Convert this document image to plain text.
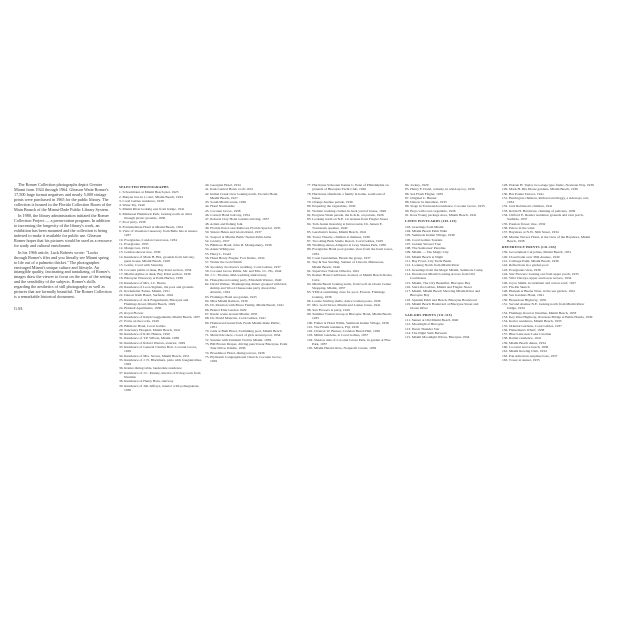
The Romer Collection photographs depict Greater Miami from 1924 through 1964. Gleason Waite Romer's 17,500 large format negatives and nearly 5,000 vintage prints were purchased in 1965 for the public library. The collection is housed in the Florida Collection Room of the Main Branch of the Miami-Dade Public Library System.

In 1980, the library administration initiated the Romer Collection Project — a preservation program. In addition to increasing the longevity of the library's work, an exhibition has been mounted and the collection is being indexed to make it available for public use. Gleason Romer hopes that his pictures would be used as a resource for study and cultural enrichment.

In his 1966 article, Luck Roberts wrote: "Looks through Romer's files and you literally see Miami spring to life out of a palmetto thicket." The photographer envisaged Miami's unique culture and lifestyle. An intangible quality, fascinating and tantalizing, of Romer's images draw the viewer to focus on the tone of the setting and the sensibility of the subjects. Romer's skills regarding the aesthetics of still photography as well as pictures that are formally beautiful. The Romer Collection is a remarkable historical document.

G.M.

SELECTED PHOTOGRAPHS
1. Schoolmates at Miami Beach pier, 1925
2. Banyan tree in a court, Miami Beach, 1934
3. Coral Gables residence, 1938
4. Water lily, 1940
5. Miami River looking east from bridge, 1941
6. Matheson Hammock Park, looking north on drive through picnic grounds, 1936
7. Pool party, 1938
8. Fontainebleau Hotel at Miami Beach, 1954
9. View of Venetian Causeway from Belle Isle at sunset, 1937
10. Everglades, Condon Canal area, 1934
11. Everglades, 1935
12. Mangroves, 1934
13. Golden shower tree, 1939
14. Residence of Mark H. Hix, grounds from balcony, guest house, Miami Beach, 1928
15. Golfer, Coral with Saturday
16. Coconut palms at dusk, Bay Point section, 1934
17. Miami skyline at dusk, Bay Point section, 1936
18. Biscayne Waterway at Palm Harbor, 1938
19. Residence of Mrs. J.C. Horne
20. Residence of Leon Sigman, tile pool and grounds
21. Rockefeller Estate, Miami, 1951
22. Dancer Ruth Hazel, Surfside, 1942
23. Residence of Jack Faigenbaum, Biscayne and Flamingo Road, Miami Beach, 1929
24. Brickell Apartments, 1936
25. Royal Flower
26. Residence of Ralph Guggenheim, Miami Beach, 1937
27. Ferns on the rocks, 1949
28. Biltmore Hotel, Coral Gables
29. Sanctuary Hospital, Miami Beach, 1941
30. Residence of R.M. Haines, 1950
31. Residence of T.P. Wilson, Miami, 1938
32. Residence of Robert Warren, exterior, 1929
33. Residence of General Charles Barr, Coconut Grove, 1929
34. Residence of Mrs. Stoves, Miami Beach, 1951
35. Residence of J. N. Blackburn, patio with bougainvillea, 1929
36. Romer dining table, lauderdale residence
37. Residence of J.C. Penney, interior of living room from Nautilus
38. Residence of Henry Barn, stairway
39. Residence of Jim Jeffreys, interior with pomegranate, 1936
40. Georgian Hotel, 1934
41. Park Central Hotel, roofs 1931
42. Indian Creek view looking north, Tacoma Hotel, Miami Beach, 1927
43. South Miami scene, 1936
44. Hotel Normandie
45. Coconut Grove, 1938
46. Cornell Hotel balcony, 1954
47. Roberts Clay Hotel tourists arriving, 1937
48. Artists and fishing folk
49. Florida Pan-Coast Railroad, Florida Special, 1935
50. Sisters Helen and Gloria Rand, 1937
51. Seaport at Miami, Baltic Nedan Palm Arms
52. Gravity, 1937
53. Biltmore Hotel, John D. Montgomery, 1936
54. Annie Wildgoose
55. Harry L. Dodd
56. Hotel Henry Flagler, Fort Dallas, 1934
57. Walter the Gold Smith
58. Spodaley Jacobson's wedding, Coral Gables, 1937
59. Coconut Grove Palms, Mr. and Mrs. J.C. Ho, 1944
60. J. C. Thomas, Mid-wedding anniversary
61. Honeymoon boating party, Elizabeth Warner, 1940
62. David Walker, Thanksgiving dinner grouped with bird, shrimp and Wood Cheesecake party aboard the Atlantic, 1934
63. Flamingo Hotel sea garden, 1925
64. Miss Miami Ralston, 1930
65. Dr. Moulton with Bruce Family, Miami Beach, 1941
66. Bristol Elite Garden 1929
67. Rustic scene around Miami, 1935
68. Dr. David Mazzola, Coral Gables, 1941
69. Homeward bound fish, Fresh Miami-Dade Public, 1951
70. Girls at Bath Hotel, Swimming pool, Miami Beach
71. Metal tide show, crowd of girls around pool, 1934
72. Sunrise with Tamiami Trail in Miami, 1939
73. Bill Brown Draper, driving pencil near Biscayne, Point Tour Drive, Kindle, 1936
74. Broadmoor Hotel, dining terrace, 1936
75. Plymouth Congregational Church, Coconut Grove, 1929
77. Hurricane Schooner Kenne C. Pene of Philadelphia on grounds of Biscayne Yacht Club, 1926
78. Hurricane aftermath, a family in home, south end of house
79. Orange Avenue parade, 1936
80. Preparing the vegetables, 1930
81. Woman washing clothes in back yard of house, 1926
82. Progress Week parade, the K.K.K. on parade, 1926
83. Looking north on N.E. 1st Avenue from Flagler Street
84. Tom Jeanie motoring at Intracoastal, Dr. Jensen E. Townsend, speaker, 1940
85. Gershwin's house, Miami Beach, 1941
86. Tower Theatre, children at matinee, 1936
87. Two-Ring Bark Studio Resort, Coral Gables, 1929
88. Wedding-dance-Alligator at Grey Shades Park, 1930
89. Everglades Hotel pool garden, view from the hotel tower, 1934
90. Coast Guardsmen, Heads the group, 1937
91. Sky & Sea Sterling, Sansun of Lincoln, Minnesota, Miami Beach, 1946
92. Supervisor Nelson Oliveira, 1941
93. Romer Hotel Caribbean, docked, at Miami Beach Docks, Cuba
94. Miami Beach looking north, from Golf on Ocean Center Shopping, Miami, 1937
95. YMCA swimming class for pool, Everest, Flamingo looking, 1936
96. Louise Sterling shells, dance women posts, 1936
97. Mrs. Gold Street, Miami and Louise Jones, 1941
98. Sun Flowers at party, 1929
99. Summer Tourist Group at Biscayne Hotel, Miami Beach, 1935
100. Father at Hotel Willis, Seminole Indian Village, 1938
101. The Fineth residence, Fiji, 1930
102. Chancer W. Barnes, Crandon Beach Hall, 1936
103. Mimic Gardens, at Coral Gables, 1937
104. Shadow side of Coconut Grove Park, in garden at Fine Park, 1937
105. Miami Herald drive, Nonprofit Center, 1939
84. Jockey, 1929
85. Henry F. Dodd, comedy, in wind-up toy, 1936
86. Sea Flash Flagler, 1935
87. Original C. Hunter
88. Dancer in marathon, 1935
89. Stage in Tonawanda residence, Coconut Grove, 1935
90. Boys with roots vegetable, 1936
91. Ross Young package store, Miami Beach, 1941
LINEN POSTCARDS (103-115)
103. Greetings from Miami
104. Miami Beach Palm Walk
105. Seminole Indian Village, 1936
106. Coral Gables Tourists
107. Golden Shower Tree
108. The Seahorses' Paradise
109. Miami — The Magic City
110. Miami Beach at Night
111. Bay Front, City Yacht Basin
112. Looking North from Miami River
113. Greetings from the Magic Miami, Seminole Camp
114. Downtown Miami Looking Across from Old Courthouse
115. Miami, The City Beautiful, Biscayne Bay
116. Sun Life-Gables, Miami and Flagler Street
117. Miami, Miami Beach Showing Miami River and Biscayne Bay
118. Spanish Palm and Beach, Biscayne Boulevard
119. Miami Beach Boulevard at Biscayne Street and Ocean Drive
SAILORS PRINTS (111-115)
111. Sunset at Old Miami Beach 1940
112. Moonlight at Biscayne
113. Dawn Thunder Star
114. The Night Sails Between
115. Miami Moonlight Waves, Biscayne 1934
128. Warren H. Taylor two-stage type frame, Nouveau Way, 1939
129. Mark H. Dix Drone gardens, Miami Beach, 1936
130. Bar Pointe Terrace, 1941
131. Harrington children, Richard and Peggy, a sideways cart, 1934
132. Jack Robinson's children, 1941
133. Robin H. Hardware, chaining of pelicans, 1939
134. Clifford E. Reeder residence grounds and vent porch, Surfside, 1937
135. Passion flower vine, 1932
136. Petros in the wind
137. Bayshore at N.W. 36th Street, 1934
138. Marine Terrace Hotel, at the view of the Bayshore, Miami Beach, 1938
REFERENCE PRINTS (141-165)
139. Government Cut jetties, Miami Beach, 1931
140. Cloud bank over 36th Avenue, 1940
141. Cabbage Palm, Miami Beach, 1936
142. Reflections in a garden pool
143. Everglades view, 1939
144. Star Flowers: looking out from upper porch, 1935
145. Villa Vizcaya, upper and lower terrace, 1934
146. Joyce Smith, in swimsuit and cotton scarf, 1927
147. Fin-Du Sketch
148. Hialeah at Buena Vista, in the sea garden, 1941
149. Sea Gardens Hotel, 1941
150. Houseboat Highway, 1935
151. Second Avenue N.E. looking north from Miami River bridge, 1934
152. Flamingo Road at Nautilus, Miami Beach, 1933
153. Key West Highway, Overseas Bridge at Bahia Honda, 1939
154. Kotler residence, Miami Beach, 1935
155. Oriental Gardens, Coral Gables, 1937
156. Fisherman's Wharf, 1938
157. Blue Lake near Lake Caroline
158. Romer residence, 1941
159. Miami Beach dunes, 1934
160. Coconut Grove beach, 1936
161. Miami Rowing Club, 1934
162. Pan American seaplane base, 1937
163. Tower at sunset, 1935
